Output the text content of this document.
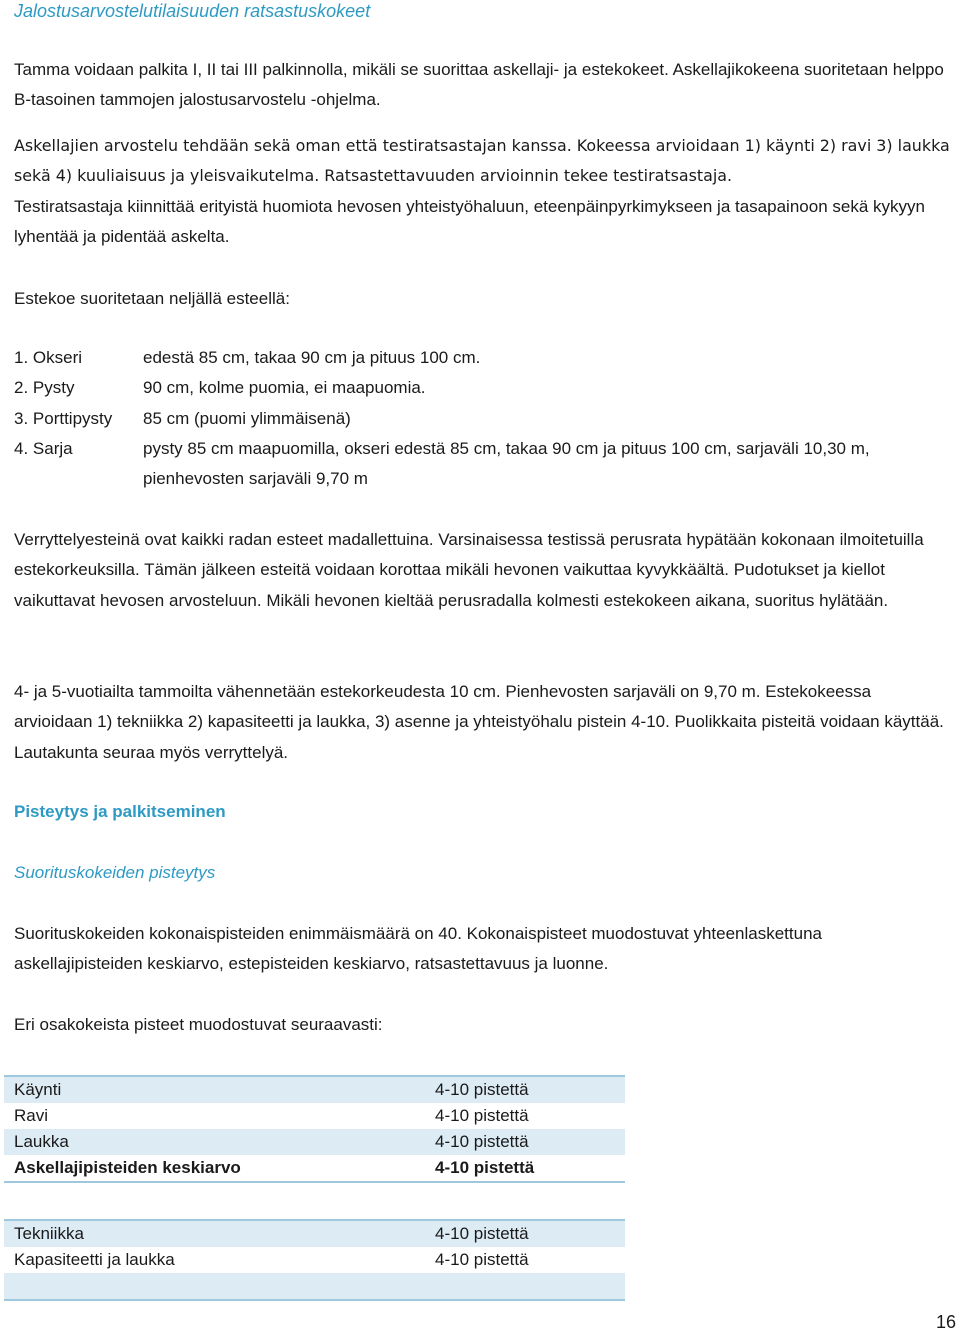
Jalostusarvostelutilaisuuden ratsastuskokeet

Tamma voidaan palkita I, II tai III palkinnolla, mikäli se suorittaa askellaji- ja estekokeet. Askellajikokeena suoritetaan helppo B-tasoinen tammojen jalostusarvostelu -ohjelma.

Askellajien arvostelu tehdään sekä oman että testiratsastajan kanssa. Kokeessa arvioidaan 1) käynti 2) ravi 3) laukka sekä 4) kuuliaisuus ja yleisvaikutelma. Ratsastettavuuden arvioinnin tekee testiratsastaja.

Testiratsastaja kiinnittää erityistä huomiota hevosen yhteistyöhaluun, eteenpäinpyrkimykseen ja tasapainoon sekä kykyyn lyhentää ja pidentää askelta.

Estekoe suoritetaan neljällä esteellä:

1. Okseri	edestä 85 cm, takaa 90 cm ja pituus 100 cm.
2. Pysty	90 cm, kolme puomia, ei maapuomia.
3. Porttipysty	85 cm (puomi ylimmäisenä)
4. Sarja	pysty 85 cm maapuomilla, okseri edestä 85 cm, takaa 90 cm ja pituus 100 cm, sarjaväli 10,30 m, pienhevosten sarjaväli 9,70 m

Verryttelyesteinä ovat kaikki radan esteet madallettuina. Varsinaisessa testissä perusrata hypätään kokonaan ilmoitetuilla estekorkeuksilla. Tämän jälkeen esteitä voidaan korottaa mikäli hevonen vaikuttaa kyvykkäältä. Pudotukset ja kiellot vaikuttavat hevosen arvosteluun. Mikäli hevonen kieltää perusradalla kolmesti estekokeen aikana, suoritus hylätään.

4- ja 5-vuotiailta tammoilta vähennetään estekorkeudesta 10 cm. Pienhevosten sarjaväli on 9,70 m. Estekokeessa arvioidaan 1) tekniikka 2) kapasiteetti ja laukka, 3) asenne ja yhteistyöhalu pistein 4-10. Puolikkaita pisteitä voidaan käyttää. Lautakunta seuraa myös verryttelyä.

Pisteytys ja palkitseminen
Suorituskokeiden pisteytys

Suorituskokeiden kokonaispisteiden enimmäismäärä on 40. Kokonaispisteet muodostuvat yhteenlaskettuna askellajipisteiden keskiarvo, estepisteiden keskiarvo, ratsastettavuus ja luonne.

Eri osakokeista pisteet muodostuvat seuraavasti:

Käynti	4-10 pistettä
Ravi	4-10 pistettä
Laukka	4-10 pistettä
Askellajipisteiden keskiarvo	4-10 pistettä
Tekniikka	4-10 pistettä
Kapasiteetti ja laukka	4-10 pistettä

16
